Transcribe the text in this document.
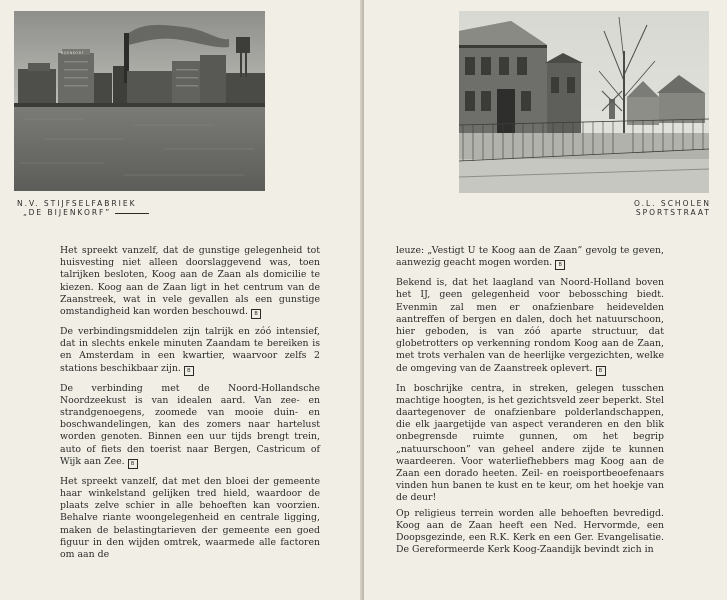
BIJENKORF
N.V. STIJFSELFABRIEK
„DE BIJENKORF”

Het spreekt vanzelf, dat de gunstige gelegenheid tot huisvesting niet alleen doorslaggevend was, toen talrijken besloten, Koog aan de Zaan als domicilie te kiezen. Koog aan de Zaan ligt in het centrum van de Zaanstreek, wat in vele gevallen als een gunstige omstandigheid kan worden beschouwd. B

De verbindingsmiddelen zijn talrijk en zóó intensief, dat in slechts enkele minuten Zaandam te bereiken is en Amsterdam in een kwartier, waarvoor zelfs 2 stations beschikbaar zijn. B

De verbinding met de Noord-Hollandsche Noordzeekust is van idealen aard. Van zee- en strandgenoegens, zoomede van mooie duin- en boschwandelingen, kan des zomers naar hartelust worden genoten. Binnen een uur tijds brengt trein, auto of fiets den toerist naar Bergen, Castricum of Wijk aan Zee. B

Het spreekt vanzelf, dat met den bloei der gemeente haar winkelstand gelijken tred hield, waardoor de plaats zelve schier in alle behoeften kan voorzien. Behalve riante woongelegenheid en centrale ligging, maken de belastingtarieven der gemeente een goed figuur in den wijden omtrek, waarmede alle factoren om aan de

O.L. SCHOLEN
SPORTSTRAAT

leuze: „Vestigt U te Koog aan de Zaan” gevolg te geven, aanwezig geacht mogen worden. B

Bekend is, dat het laagland van Noord-Holland boven het IJ, geen gelegenheid voor bebossching biedt. Evenmin zal men er onafzienbare heidevelden aantreffen of bergen en dalen, doch het natuurschoon, hier geboden, is van zóó aparte structuur, dat globetrotters op verkenning rondom Koog aan de Zaan, met trots verhalen van de heerlijke vergezichten, welke de omgeving van de Zaanstreek oplevert. B

In boschrijke centra, in streken, gelegen tusschen machtige hoogten, is het gezichtsveld zeer beperkt. Stel daartegenover de onafzienbare polderlandschappen, die elk jaargetijde van aspect veranderen en den blik onbegrensde ruimte gunnen, om het begrip „natuurschoon” van geheel andere zijde te kunnen waardeeren. Voor waterliefhebbers mag Koog aan de Zaan een dorado heeten. Zeil- en roeisportbeoefenaars vinden hun banen te kust en te keur, om het hoekje van de deur!

Op religieus terrein worden alle behoeften bevredigd. Koog aan de Zaan heeft een Ned. Hervormde, een Doopsgezinde, een R.K. Kerk en een Ger. Evangelisatie. De Gereformeerde Kerk Koog-Zaandijk bevindt zich in
